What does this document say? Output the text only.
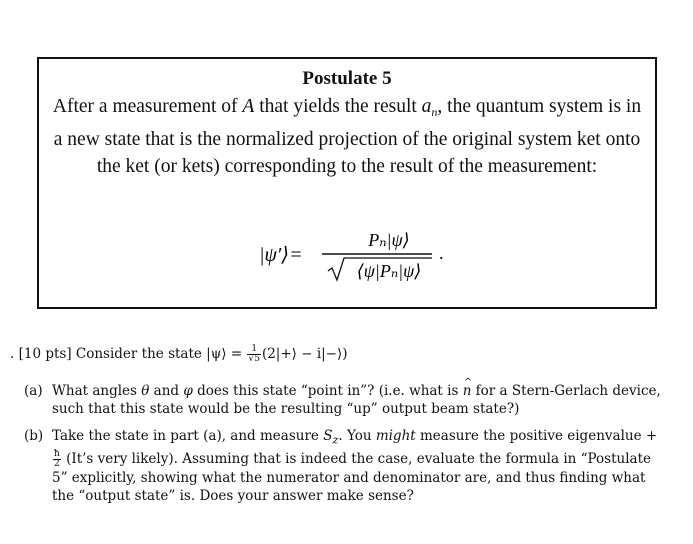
Postulate 5
After a measurement of A that yields the result $a_n$, the quantum system is in a new state that is the normalized projection of the original system ket onto the ket (or kets) corresponding to the result of the measurement:
|ψ′⟩=
Pₙ|ψ⟩
⟨ψ|Pₙ|ψ⟩
.
. [10 pts] Consider the state |ψ⟩ = $\frac{1}{√5}$ (2|+⟩ − i|−⟩)
(a) What angles θ and φ does this state “point in”? (i.e. what is n ^ for a Stern-Gerlach device, such that this state would be the resulting “up” output beam state?)
(b) Take the state in part (a), and measure $S_z$. You might measure the positive eigenvalue +
$\frac{ħ}{2}$ (It’s very likely). Assuming that is indeed the case, evaluate the formula in “Postulate 5” explicitly, showing what the numerator and denominator are, and thus finding what the “output state” is. Does your answer make sense?
